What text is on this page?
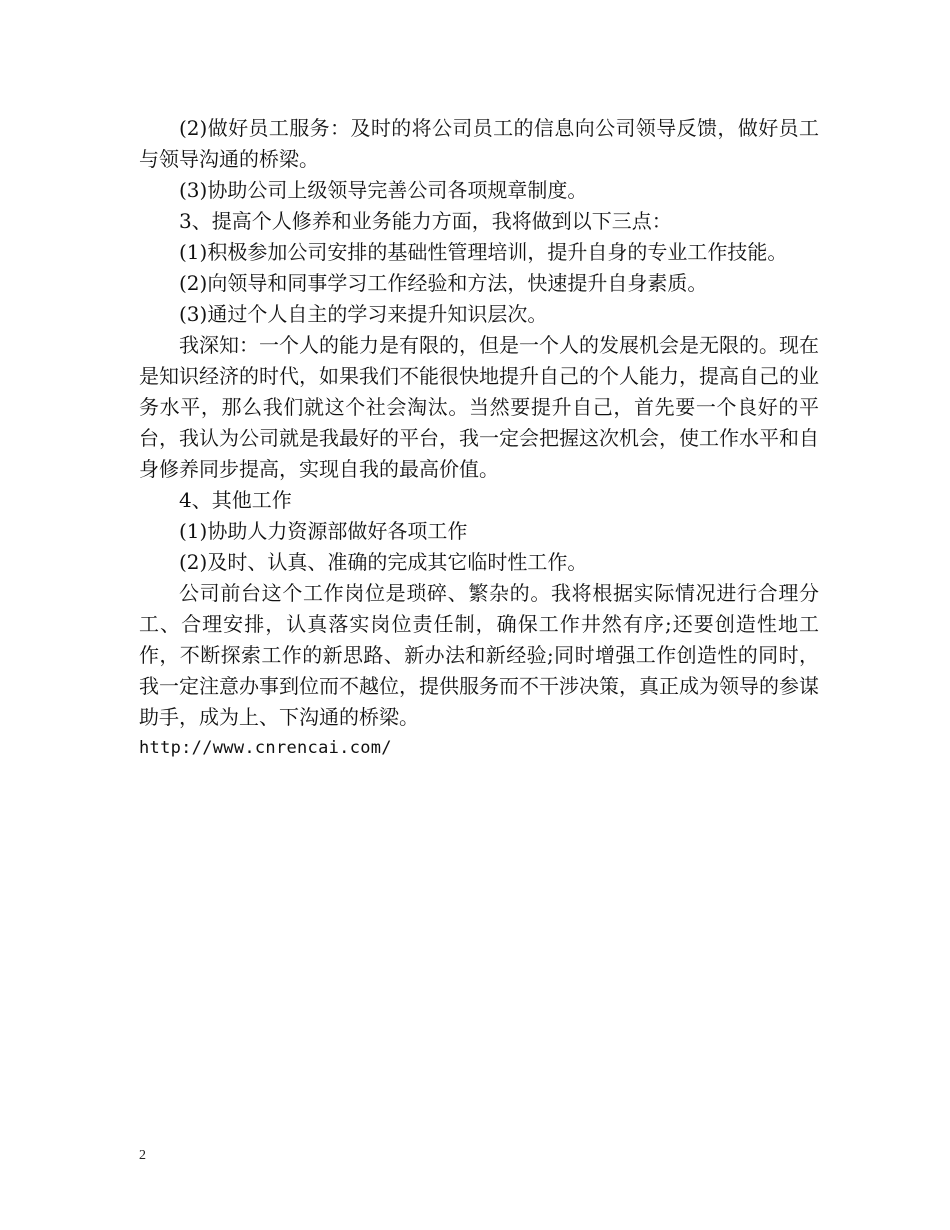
(2)做好员工服务：及时的将公司员工的信息向公司领导反馈，做好员工与领导沟通的桥梁。

(3)协助公司上级领导完善公司各项规章制度。

3、提高个人修养和业务能力方面，我将做到以下三点：

(1)积极参加公司安排的基础性管理培训，提升自身的专业工作技能。

(2)向领导和同事学习工作经验和方法，快速提升自身素质。

(3)通过个人自主的学习来提升知识层次。

我深知：一个人的能力是有限的，但是一个人的发展机会是无限的。现在是知识经济的时代，如果我们不能很快地提升自己的个人能力，提高自己的业务水平，那么我们就这个社会淘汰。当然要提升自己，首先要一个良好的平台，我认为公司就是我最好的平台，我一定会把握这次机会，使工作水平和自身修养同步提高，实现自我的最高价值。

4、其他工作

(1)协助人力资源部做好各项工作

(2)及时、认真、准确的完成其它临时性工作。

公司前台这个工作岗位是琐碎、繁杂的。我将根据实际情况进行合理分工、合理安排，认真落实岗位责任制，确保工作井然有序;还要创造性地工作，不断探索工作的新思路、新办法和新经验;同时增强工作创造性的同时，我一定注意办事到位而不越位，提供服务而不干涉决策，真正成为领导的参谋助手，成为上、下沟通的桥梁。

http://www.cnrencai.com/

2
